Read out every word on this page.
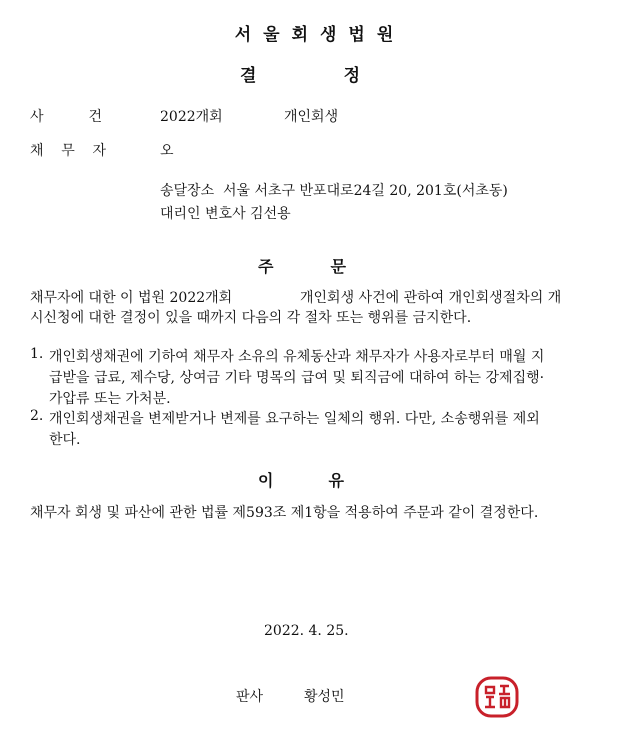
서울회생법원
결	정
사	건	2022개회	개인회생
채 무 자	오
송달장소  서울 서초구 반포대로24길 20, 201호(서초동)
대리인 변호사 김선용
주	문
채무자에 대한 이 법원 2022개회	개인회생 사건에 관하여 개인회생절차의 개
시신청에 대한 결정이 있을 때까지 다음의 각 절차 또는 행위를 금지한다.
1. 개인회생채권에 기하여 채무자 소유의 유체동산과 채무자가 사용자로부터 매월 지
급받을 급료, 제수당, 상여금 기타 명목의 급여 및 퇴직금에 대하여 하는 강제집행·
가압류 또는 가처분.
2. 개인회생채권을 변제받거나 변제를 요구하는 일체의 행위. 다만, 소송행위를 제외
한다.
이	유
채무자 회생 및 파산에 관한 법률 제593조 제1항을 적용하여 주문과 같이 결정한다.
2022. 4. 25.
판사	황성민
